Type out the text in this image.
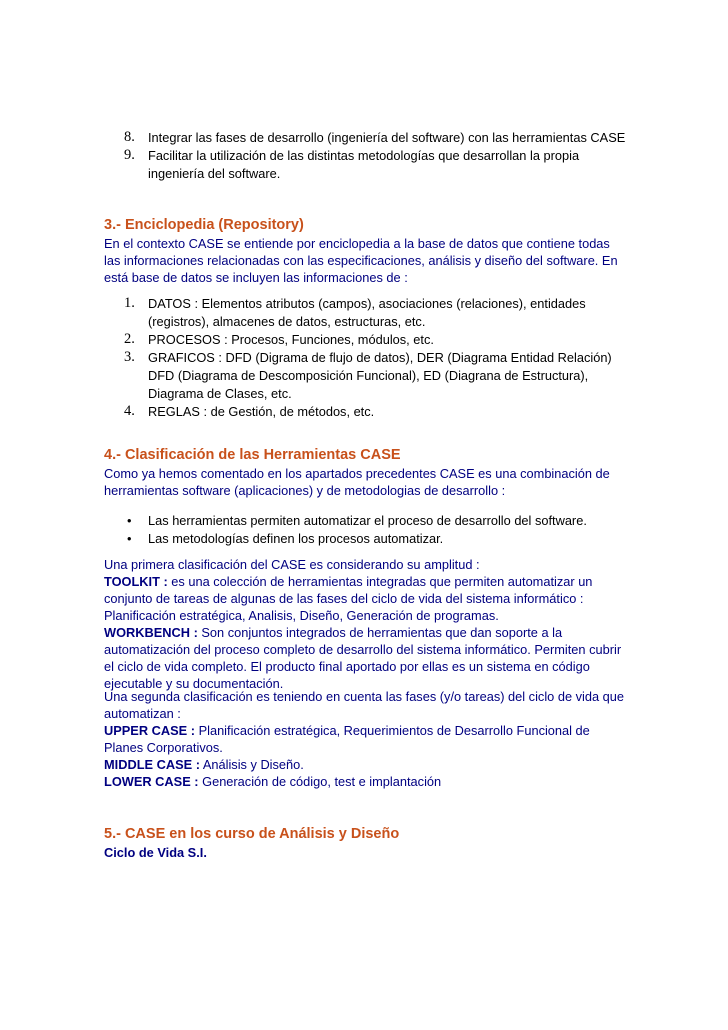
8. Integrar las fases de desarrollo (ingeniería del software) con las herramientas CASE
9. Facilitar la utilización de las distintas metodologías que desarrollan la propia ingeniería del software.
3.- Enciclopedia (Repository)

En el contexto CASE se entiende por enciclopedia a la base de datos que contiene todas las informaciones relacionadas con las especificaciones, análisis y diseño del software. En está base de datos se incluyen las informaciones de :

1. DATOS : Elementos atributos (campos), asociaciones (relaciones), entidades (registros), almacenes de datos, estructuras, etc.
2. PROCESOS : Procesos, Funciones, módulos, etc.
3. GRAFICOS : DFD (Digrama de flujo de datos), DER (Diagrama Entidad Relación) DFD (Diagrama de Descomposición Funcional), ED (Diagrana de Estructura), Diagrama de Clases, etc.
4. REGLAS : de Gestión, de métodos, etc.
4.- Clasificación de las Herramientas CASE

Como ya hemos comentado en los apartados precedentes CASE es una combinación de herramientas software (aplicaciones) y de metodologias de desarrollo :

• Las herramientas permiten automatizar el proceso de desarrollo del software.
• Las metodologías definen los procesos automatizar.

Una primera clasificación del CASE es considerando su amplitud :

TOOLKIT : es una colección de herramientas integradas que permiten automatizar un conjunto de tareas de algunas de las fases del ciclo de vida del sistema informático : Planificación estratégica, Analisis, Diseño, Generación de programas.

WORKBENCH : Son conjuntos integrados de herramientas que dan soporte a la automatización del proceso completo de desarrollo del sistema informático. Permiten cubrir el ciclo de vida completo. El producto final aportado por ellas es un sistema en código ejecutable y su documentación.

Una segunda clasificación es teniendo en cuenta las fases (y/o tareas) del ciclo de vida que automatizan :

UPPER CASE : Planificación estratégica, Requerimientos de Desarrollo Funcional de Planes Corporativos.

MIDDLE CASE : Análisis y Diseño.

LOWER CASE : Generación de código, test e implantación

5.- CASE en los curso de Análisis y Diseño

Ciclo de Vida S.I.
